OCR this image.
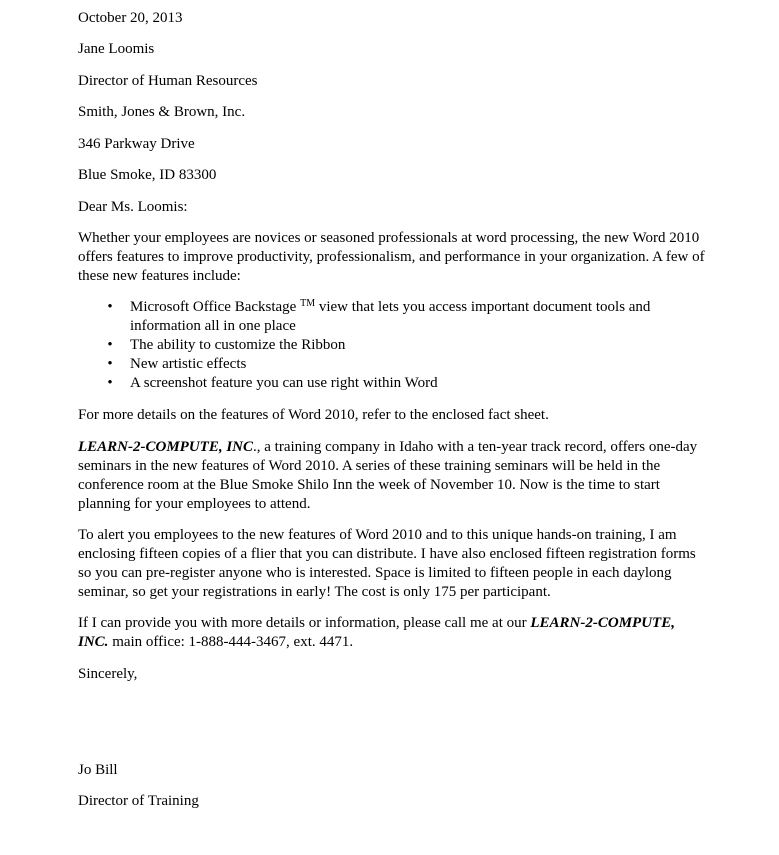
October 20, 2013

Jane Loomis

Director of Human Resources

Smith, Jones & Brown, Inc.

346 Parkway Drive

Blue Smoke, ID 83300

Dear Ms. Loomis:

Whether your employees are novices or seasoned professionals at word processing, the new Word 2010 offers features to improve productivity, professionalism, and performance in your organization. A few of these new features include:

• Microsoft Office Backstage ™ view that lets you access important document tools and information all in one place
• The ability to customize the Ribbon
• New artistic effects
• A screenshot feature you can use right within Word

For more details on the features of Word 2010, refer to the enclosed fact sheet.

LEARN-2-COMPUTE, INC., a training company in Idaho with a ten-year track record, offers one-day seminars in the new features of Word 2010. A series of these training seminars will be held in the conference room at the Blue Smoke Shilo Inn the week of November 10. Now is the time to start planning for your employees to attend.

To alert you employees to the new features of Word 2010 and to this unique hands-on training, I am enclosing fifteen copies of a flier that you can distribute. I have also enclosed fifteen registration forms so you can pre-register anyone who is interested. Space is limited to fifteen people in each daylong seminar, so get your registrations in early! The cost is only 175 per participant.

If I can provide you with more details or information, please call me at our LEARN-2-COMPUTE, INC. main office: 1-888-444-3467, ext. 4471.

Sincerely,

Jo Bill

Director of Training
